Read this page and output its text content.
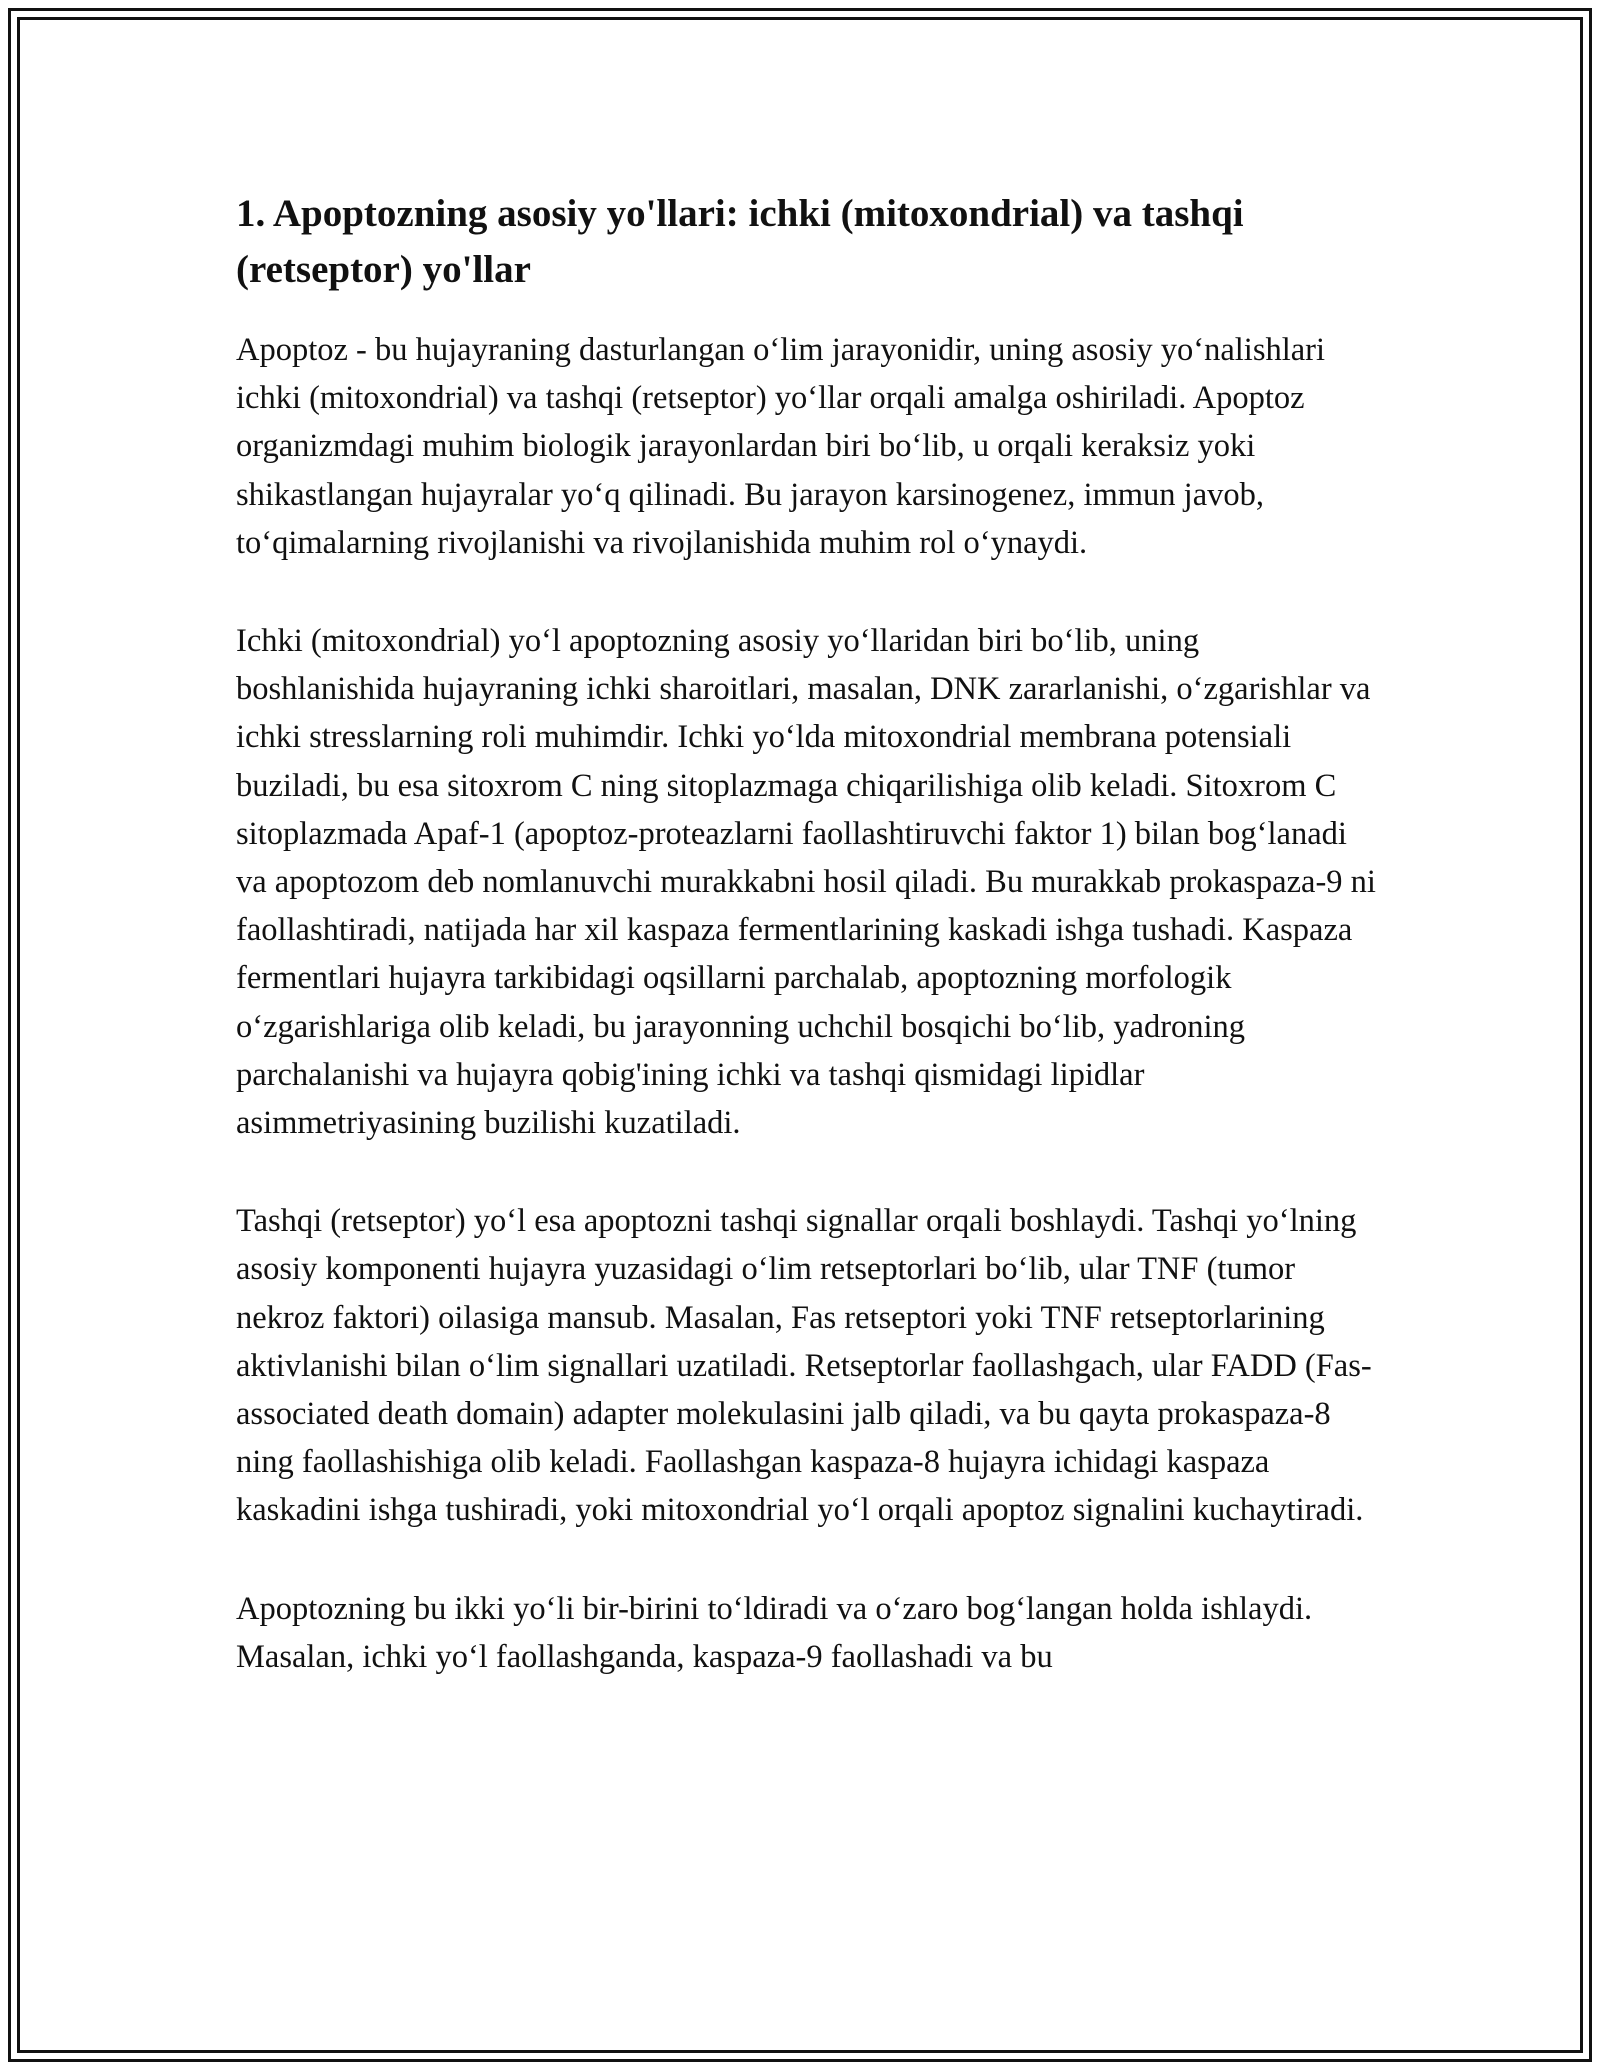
1. Apoptozning asosiy yo'llari: ichki (mitoxondrial) va tashqi (retseptor) yo'llar

Apoptoz - bu hujayraning dasturlangan o‘lim jarayonidir, uning asosiy yo‘nalishlari ichki (mitoxondrial) va tashqi (retseptor) yo‘llar orqali amalga oshiriladi. Apoptoz organizmdagi muhim biologik jarayonlardan biri bo‘lib, u orqali keraksiz yoki shikastlangan hujayralar yo‘q qilinadi. Bu jarayon karsinogenez, immun javob, to‘qimalarning rivojlanishi va rivojlanishida muhim rol o‘ynaydi.

Ichki (mitoxondrial) yo‘l apoptozning asosiy yo‘llaridan biri bo‘lib, uning boshlanishida hujayraning ichki sharoitlari, masalan, DNK zararlanishi, o‘zgarishlar va ichki stresslarning roli muhimdir. Ichki yo‘lda mitoxondrial membrana potensiali buziladi, bu esa sitoxrom C ning sitoplazmaga chiqarilishiga olib keladi. Sitoxrom C sitoplazmada Apaf-1 (apoptoz-proteazlarni faollashtiruvchi faktor 1) bilan bog‘lanadi va apoptozom deb nomlanuvchi murakkabni hosil qiladi. Bu murakkab prokaspaza-9 ni faollashtiradi, natijada har xil kaspaza fermentlarining kaskadi ishga tushadi. Kaspaza fermentlari hujayra tarkibidagi oqsillarni parchalab, apoptozning morfologik o‘zgarishlariga olib keladi, bu jarayonning uchchil bosqichi bo‘lib, yadroning parchalanishi va hujayra qobig'ining ichki va tashqi qismidagi lipidlar asimmetriyasining buzilishi kuzatiladi.

Tashqi (retseptor) yo‘l esa apoptozni tashqi signallar orqali boshlaydi. Tashqi yo‘lning asosiy komponenti hujayra yuzasidagi o‘lim retseptorlari bo‘lib, ular TNF (tumor nekroz faktori) oilasiga mansub. Masalan, Fas retseptori yoki TNF retseptorlarining aktivlanishi bilan o‘lim signallari uzatiladi. Retseptorlar faollashgach, ular FADD (Fas-associated death domain) adapter molekulasini jalb qiladi, va bu qayta prokaspaza-8 ning faollashishiga olib keladi. Faollashgan kaspaza-8 hujayra ichidagi kaspaza kaskadini ishga tushiradi, yoki mitoxondrial yo‘l orqali apoptoz signalini kuchaytiradi.

Apoptozning bu ikki yo‘li bir-birini to‘ldiradi va o‘zaro bog‘langan holda ishlaydi. Masalan, ichki yo‘l faollashganda, kaspaza-9 faollashadi va bu
